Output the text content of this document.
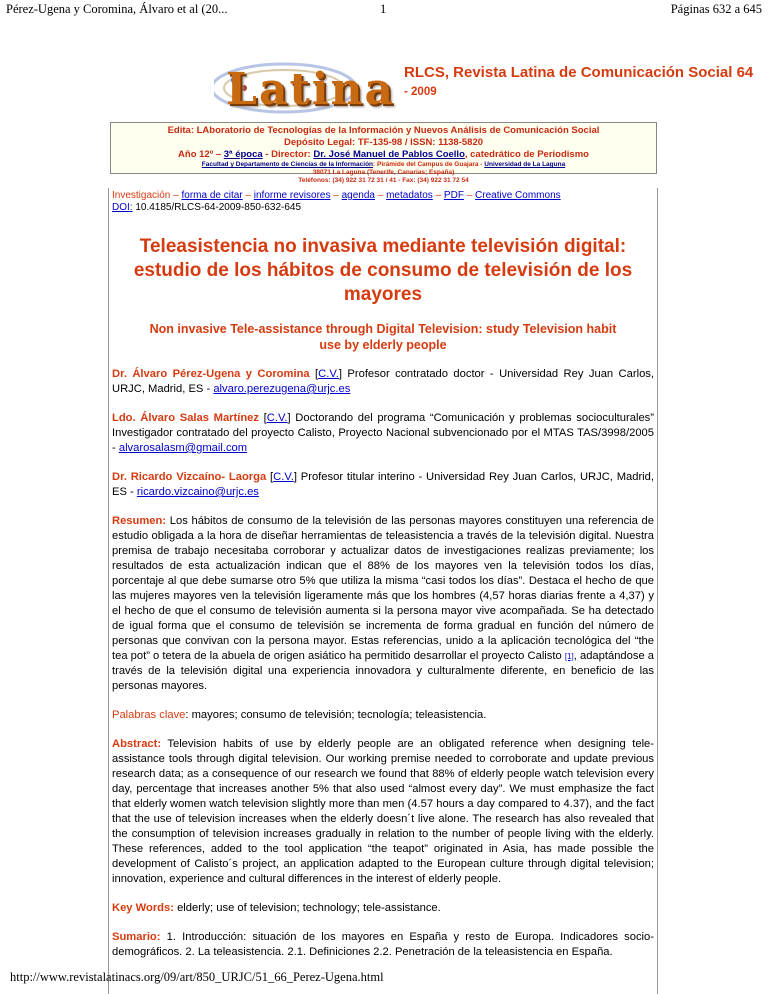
Pérez-Ugena y Coromina, Álvaro et al (20...	1	Páginas 632 a 645
Latina RLCS, Revista Latina de Comunicación Social 64 - 2009
Edita: LAboratorio de Tecnologías de la Información y Nuevos Análisis de Comunicación Social
Depósito Legal: TF-135-98 / ISSN: 1138-5820
Año 12º – 3ª época - Director: Dr. José Manuel de Pablos Coello, catedrático de Periodismo
Facultad y Departamento de Ciencias de la Información: Pirámide del Campus de Guajara - Universidad de La Laguna
38071 La Laguna (Tenerife, Canarias; España)
Teléfonos: (34) 922 31 72 31 / 41 - Fax: (34) 922 31 72 54
Investigación – forma de citar – informe revisores – agenda – metadatos – PDF – Creative Commons
DOI: 10.4185/RLCS-64-2009-850-632-645
Teleasistencia no invasiva mediante televisión digital: estudio de los hábitos de consumo de televisión de los mayores
Non invasive Tele-assistance through Digital Television: study Television habit use by elderly people

Dr. Álvaro Pérez-Ugena y Coromina [C.V.] Profesor contratado doctor - Universidad Rey Juan Carlos, URJC, Madrid, ES - alvaro.perezugena@urjc.es

Ldo. Álvaro Salas Martínez [C.V.] Doctorando del programa “Comunicación y problemas socioculturales” Investigador contratado del proyecto Calisto, Proyecto Nacional subvencionado por el MTAS TAS/3998/2005 - alvarosalasm@gmail.com

Dr. Ricardo Vizcaíno- Laorga [C.V.] Profesor titular interino - Universidad Rey Juan Carlos, URJC, Madrid, ES - ricardo.vizcaino@urjc.es

Resumen: Los hábitos de consumo de la televisión de las personas mayores constituyen una referencia de estudio obligada a la hora de diseñar herramientas de teleasistencia a través de la televisión digital. Nuestra premisa de trabajo necesitaba corroborar y actualizar datos de investigaciones realizas previamente; los resultados de esta actualización indican que el 88% de los mayores ven la televisión todos los días, porcentaje al que debe sumarse otro 5% que utiliza la misma “casi todos los días”. Destaca el hecho de que las mujeres mayores ven la televisión ligeramente más que los hombres (4,57 horas diarias frente a 4,37) y el hecho de que el consumo de televisión aumenta si la persona mayor vive acompañada. Se ha detectado de igual forma que el consumo de televisión se incrementa de forma gradual en función del número de personas que convivan con la persona mayor. Estas referencias, unido a la aplicación tecnológica del “the tea pot” o tetera de la abuela de origen asiático ha permitido desarrollar el proyecto Calisto [1], adaptándose a través de la televisión digital una experiencia innovadora y culturalmente diferente, en beneficio de las personas mayores.

Palabras clave: mayores; consumo de televisión; tecnología; teleasistencia.

Abstract: Television habits of use by elderly people are an obligated reference when designing tele-assistance tools through digital television. Our working premise needed to corroborate and update previous research data; as a consequence of our research we found that 88% of elderly people watch television every day, percentage that increases another 5% that also used “almost every day”. We must emphasize the fact that elderly women watch television slightly more than men (4.57 hours a day compared to 4.37), and the fact that the use of television increases when the elderly doesn´t live alone. The research has also revealed that the consumption of television increases gradually in relation to the number of people living with the elderly. These references, added to the tool application “the teapot” originated in Asia, has made possible the development of Calisto´s project, an application adapted to the European culture through digital television; innovation, experience and cultural differences in the interest of elderly people.

Key Words: elderly; use of television; technology; tele-assistance.

Sumario: 1. Introducción: situación de los mayores en España y resto de Europa. Indicadores socio-demográficos. 2. La teleasistencia. 2.1. Definiciones 2.2. Penetración de la teleasistencia en España.

http://www.revistalatinacs.org/09/art/850_URJC/51_66_Perez-Ugena.html
